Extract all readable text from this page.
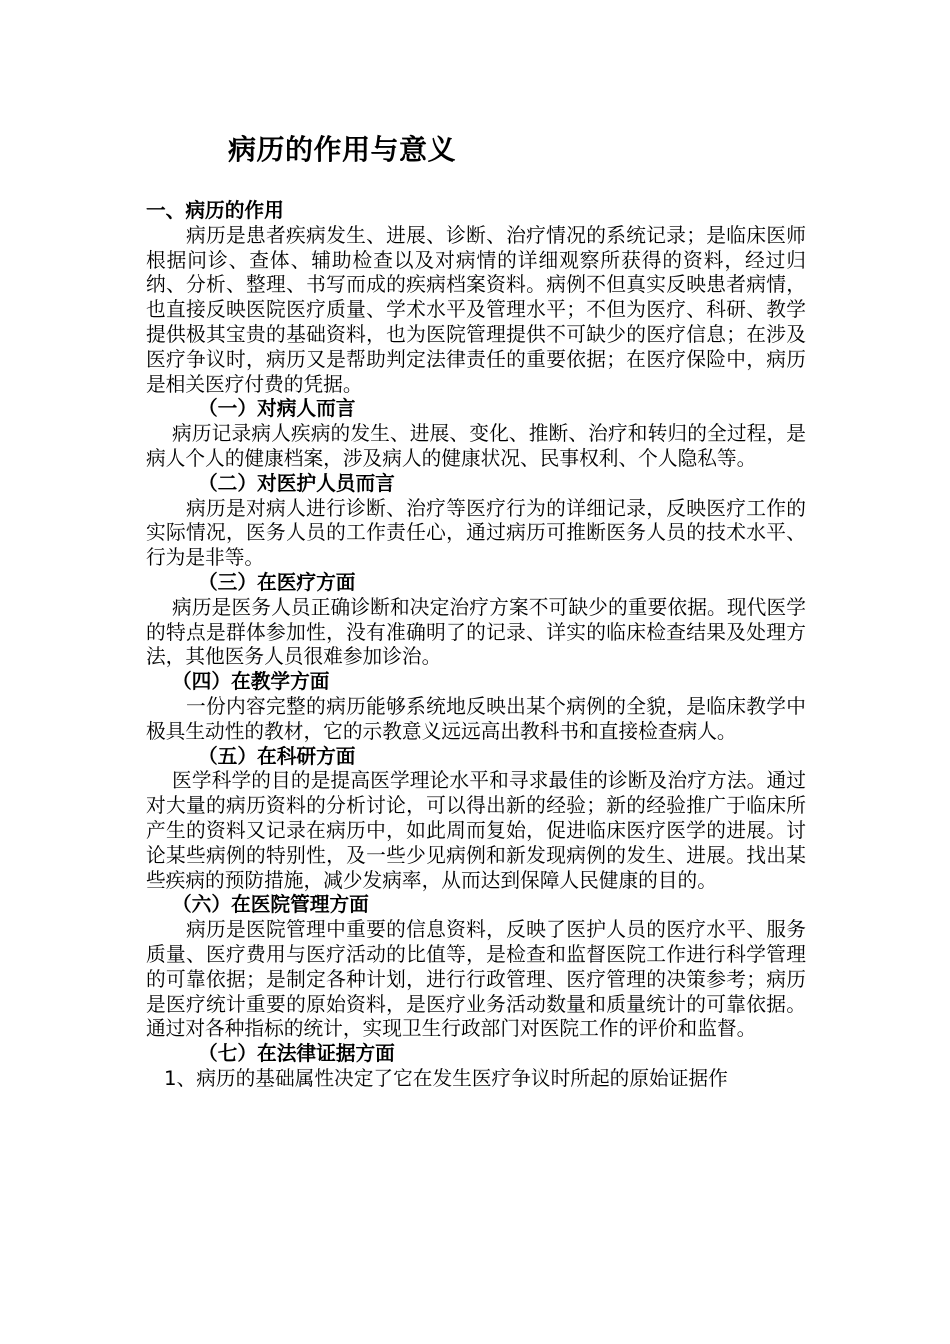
病历的作用与意义

一、病历的作用

病历是患者疾病发生、进展、诊断、治疗情况的系统记录；是临床医师根据问诊、查体、辅助检查以及对病情的详细观察所获得的资料，经过归纳、分析、整理、书写而成的疾病档案资料。病例不但真实反映患者病情，也直接反映医院医疗质量、学术水平及管理水平；不但为医疗、科研、教学提供极其宝贵的基础资料，也为医院管理提供不可缺少的医疗信息；在涉及医疗争议时，病历又是帮助判定法律责任的重要依据；在医疗保险中，病历是相关医疗付费的凭据。

（一）对病人而言

病历记录病人疾病的发生、进展、变化、推断、治疗和转归的全过程，是病人个人的健康档案，涉及病人的健康状况、民事权利、个人隐私等。

（二）对医护人员而言

病历是对病人进行诊断、治疗等医疗行为的详细记录，反映医疗工作的实际情况，医务人员的工作责任心，通过病历可推断医务人员的技术水平、行为是非等。

（三）在医疗方面

病历是医务人员正确诊断和决定治疗方案不可缺少的重要依据。现代医学的特点是群体参加性，没有准确明了的记录、详实的临床检查结果及处理方法，其他医务人员很难参加诊治。

（四）在教学方面

一份内容完整的病历能够系统地反映出某个病例的全貌，是临床教学中极具生动性的教材，它的示教意义远远高出教科书和直接检查病人。

（五）在科研方面

医学科学的目的是提高医学理论水平和寻求最佳的诊断及治疗方法。通过对大量的病历资料的分析讨论，可以得出新的经验；新的经验推广于临床所产生的资料又记录在病历中，如此周而复始，促进临床医疗医学的进展。讨论某些病例的特别性，及一些少见病例和新发现病例的发生、进展。找出某些疾病的预防措施，减少发病率，从而达到保障人民健康的目的。

（六）在医院管理方面

病历是医院管理中重要的信息资料，反映了医护人员的医疗水平、服务质量、医疗费用与医疗活动的比值等，是检查和监督医院工作进行科学管理的可靠依据；是制定各种计划，进行行政管理、医疗管理的决策参考；病历是医疗统计重要的原始资料，是医疗业务活动数量和质量统计的可靠依据。通过对各种指标的统计，实现卫生行政部门对医院工作的评价和监督。

（七）在法律证据方面

1、病历的基础属性决定了它在发生医疗争议时所起的原始证据作
